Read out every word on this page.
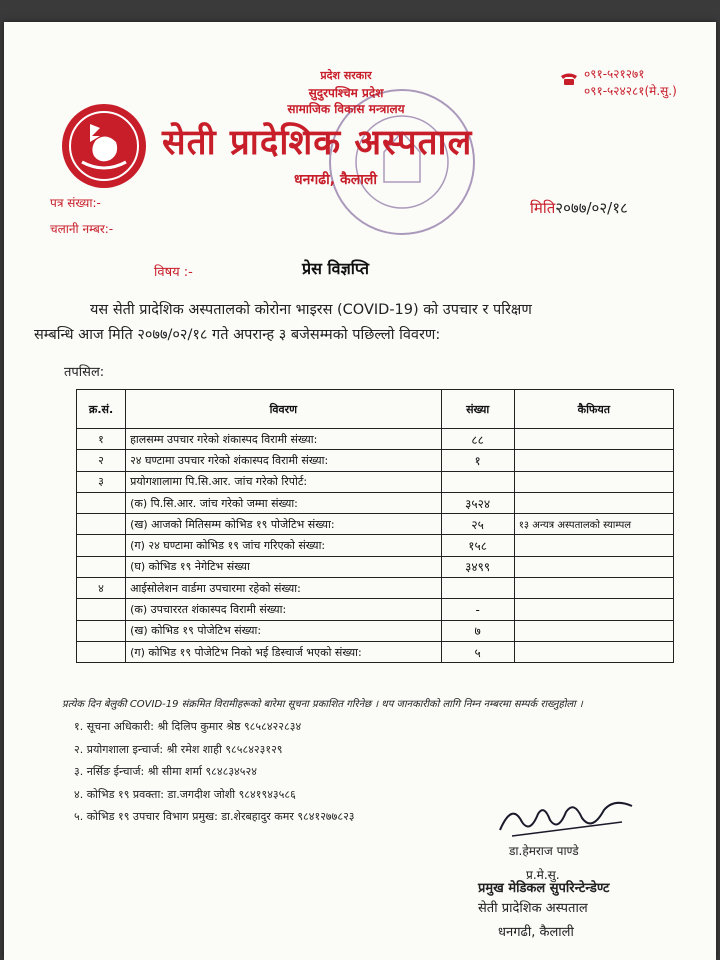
प्रदेश सरकार
सुदुरपश्चिम प्रदेश
सामाजिक विकास मन्त्रालय
सेती प्रादेशिक अस्पताल
धनगढी, कैलाली
०९१-५२१२७१
०९१-५२४२८१(मे.सु.)
पत्र संख्या:-
चलानी नम्बर:-
मिति२०७७/०२/१८
विषय :-	प्रेस विज्ञप्ति
यस सेती प्रादेशिक अस्पतालको कोरोना भाइरस (COVID-19) को उपचार र परिक्षण
सम्बन्धि आज मिति २०७७/०२/१८ गते अपरान्ह ३ बजेसम्मको पछिल्लो विवरण:
तपसिल:
क्र.सं.	विवरण	संख्या	कैफियत
१	हालसम्म उपचार गरेको शंकास्पद विरामी संख्या:	८८	
२	२४ घण्टामा उपचार गरेको शंकास्पद विरामी संख्या:	१	
३	प्रयोगशालामा पि.सि.आर. जांच गरेको रिपोर्ट:		
	(क) पि.सि.आर. जांच गरेको जम्मा संख्या:	३५२४	
	(ख) आजको मितिसम्म कोभिड १९ पोजेटिभ संख्या:	२५	१३ अन्यत्र अस्पतालको स्याम्पल
	(ग) २४ घण्टामा कोभिड १९ जांच गरिएको संख्या:	१५८	
	(घ) कोभिड १९ नेगेटिभ संख्या	३४९९	
४	आईसोलेशन वार्डमा उपचारमा रहेको संख्या:		
	(क) उपचाररत शंकास्पद विरामी संख्या:	-	
	(ख) कोभिड १९ पोजेटिभ संख्या:	७	
	(ग) कोभिड १९ पोजेटिभ निको भई डिस्चार्ज भएको संख्या:	५	
प्रत्येक दिन बेलुकी COVID-19 संक्रमित विरामीहरूको बारेमा सूचना प्रकाशित गरिनेछ । थप जानकारीको लागि निम्न नम्बरमा सम्पर्क राख्नुहोला ।
१. सूचना अधिकारी: श्री दिलिप कुमार श्रेष्ठ ९८५८४२२८३४
२. प्रयोगशाला इन्चार्ज: श्री रमेश शाही ९८५८४२३१२९
३. नर्सिङ ईन्चार्ज: श्री सीमा शर्मा ९८४८३४५२४
४. कोभिड १९ प्रवक्ता: डा.जगदीश जोशी ९८४१९४३५८६
५. कोभिड १९ उपचार विभाग प्रमुख: डा.शेरबहादुर कमर ९८४१२७७८२३
डा.हेमराज पाण्डे
प्र.मे.सु.
प्रमुख मेडिकल सुपरिन्टेन्डेण्ट
सेती प्रादेशिक अस्पताल
धनगढी, कैलाली
